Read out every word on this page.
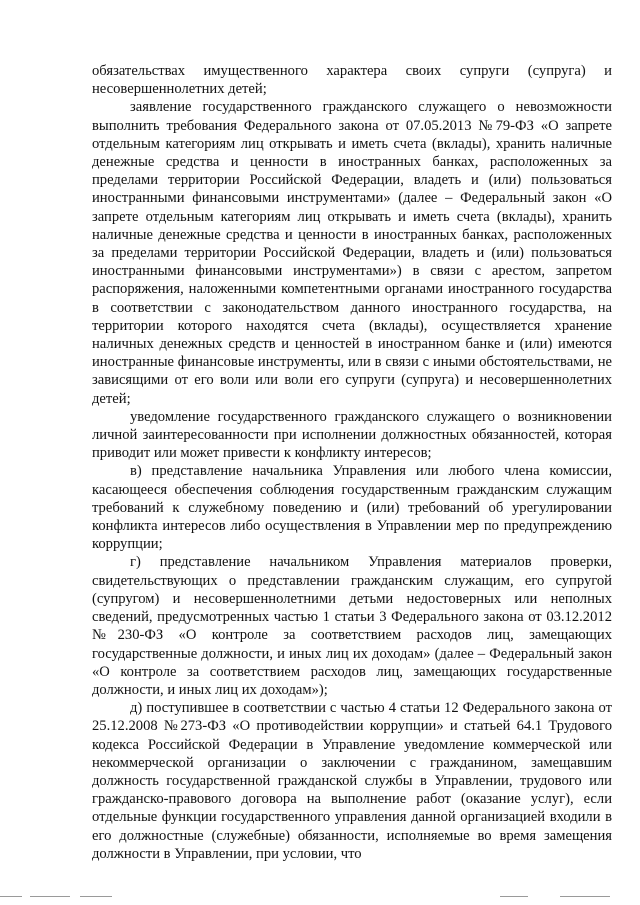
обязательствах имущественного характера своих супруги (супруга) и несовершеннолетних детей;

заявление государственного гражданского служащего о невозможности выполнить требования Федерального закона от 07.05.2013 №79-ФЗ «О запрете отдельным категориям лиц открывать и иметь счета (вклады), хранить наличные денежные средства и ценности в иностранных банках, расположенных за пределами территории Российской Федерации, владеть и (или) пользоваться иностранными финансовыми инструментами» (далее – Федеральный закон «О запрете отдельным категориям лиц открывать и иметь счета (вклады), хранить наличные денежные средства и ценности в иностранных банках, расположенных за пределами территории Российской Федерации, владеть и (или) пользоваться иностранными финансовыми инструментами») в связи с арестом, запретом распоряжения, наложенными компетентными органами иностранного государства в соответствии с законодательством данного иностранного государства, на территории которого находятся счета (вклады), осуществляется хранение наличных денежных средств и ценностей в иностранном банке и (или) имеются иностранные финансовые инструменты, или в связи с иными обстоятельствами, не зависящими от его воли или воли его супруги (супруга) и несовершеннолетних детей;

уведомление государственного гражданского служащего о возникновении личной заинтересованности при исполнении должностных обязанностей, которая приводит или может привести к конфликту интересов;

в) представление начальника Управления или любого члена комиссии, касающееся обеспечения соблюдения государственным гражданским служащим требований к служебному поведению и (или) требований об урегулировании конфликта интересов либо осуществления в Управлении мер по предупреждению коррупции;

г) представление начальником Управления материалов проверки, свидетельствующих о представлении гражданским служащим, его супругой (супругом) и несовершеннолетними детьми недостоверных или неполных сведений, предусмотренных частью 1 статьи 3 Федерального закона от 03.12.2012 №230-ФЗ «О контроле за соответствием расходов лиц, замещающих государственные должности, и иных лиц их доходам» (далее – Федеральный закон «О контроле за соответствием расходов лиц, замещающих государственные должности, и иных лиц их доходам»);

д) поступившее в соответствии с частью 4 статьи 12 Федерального закона от 25.12.2008 №273-ФЗ «О противодействии коррупции» и статьей 64.1 Трудового кодекса Российской Федерации в Управление уведомление коммерческой или некоммерческой организации о заключении с гражданином, замещавшим должность государственной гражданской службы в Управлении, трудового или гражданско-правового договора на выполнение работ (оказание услуг), если отдельные функции государственного управления данной организацией входили в его должностные (служебные) обязанности, исполняемые во время замещения должности в Управлении, при условии, что
